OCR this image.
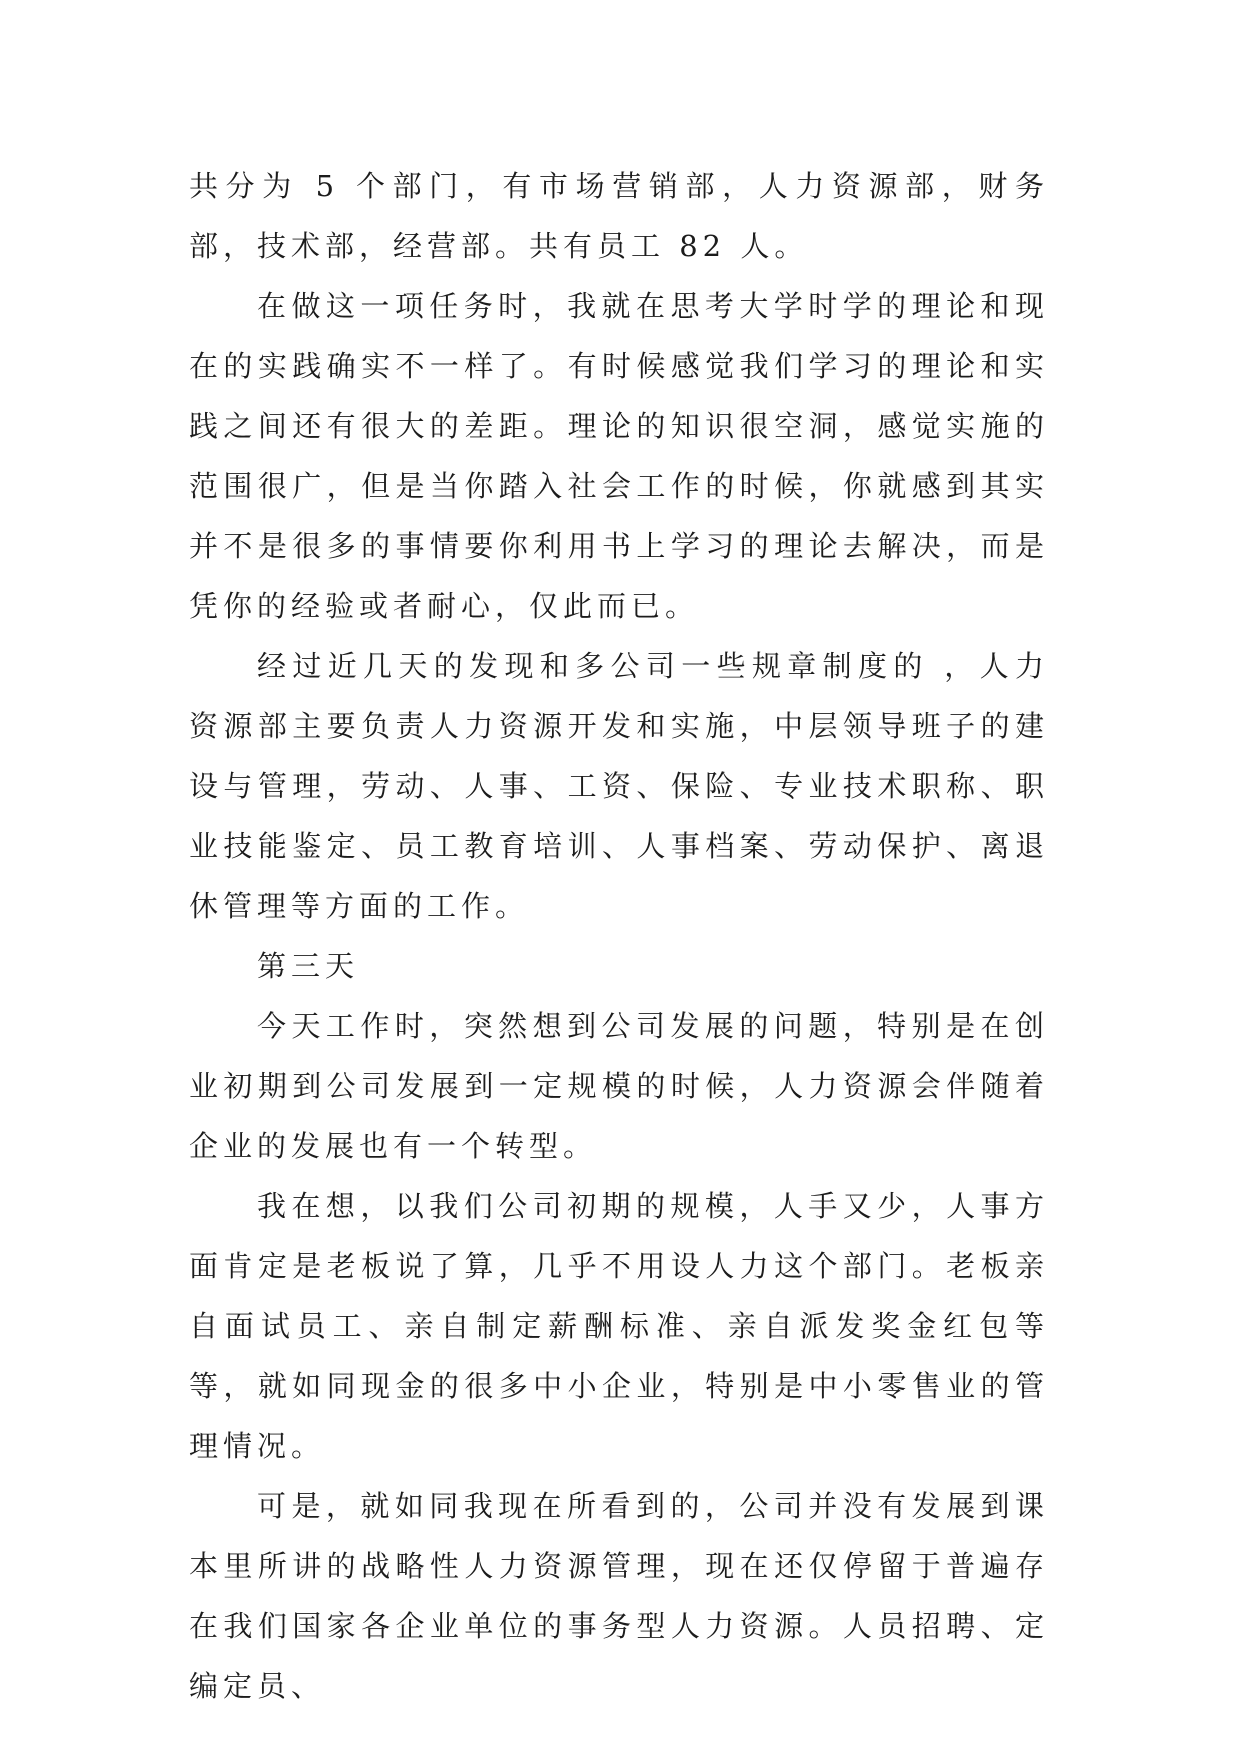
共分为 5 个部门，有市场营销部，人力资源部，财务部，技术部，经营部。共有员工 82 人。

在做这一项任务时，我就在思考大学时学的理论和现在的实践确实不一样了。有时候感觉我们学习的理论和实践之间还有很大的差距。理论的知识很空洞，感觉实施的范围很广，但是当你踏入社会工作的时候，你就感到其实并不是很多的事情要你利用书上学习的理论去解决，而是凭你的经验或者耐心，仅此而已。

经过近几天的发现和多公司一些规章制度的 ，人力资源部主要负责人力资源开发和实施，中层领导班子的建设与管理，劳动、人事、工资、保险、专业技术职称、职业技能鉴定、员工教育培训、人事档案、劳动保护、离退休管理等方面的工作。

第三天

今天工作时，突然想到公司发展的问题，特别是在创业初期到公司发展到一定规模的时候，人力资源会伴随着企业的发展也有一个转型。

我在想，以我们公司初期的规模，人手又少，人事方面肯定是老板说了算，几乎不用设人力这个部门。老板亲自面试员工、亲自制定薪酬标准、亲自派发奖金红包等等，就如同现金的很多中小企业，特别是中小零售业的管理情况。

可是，就如同我现在所看到的，公司并没有发展到课本里所讲的战略性人力资源管理，现在还仅停留于普遍存在我们国家各企业单位的事务型人力资源。人员招聘、定编定员、
